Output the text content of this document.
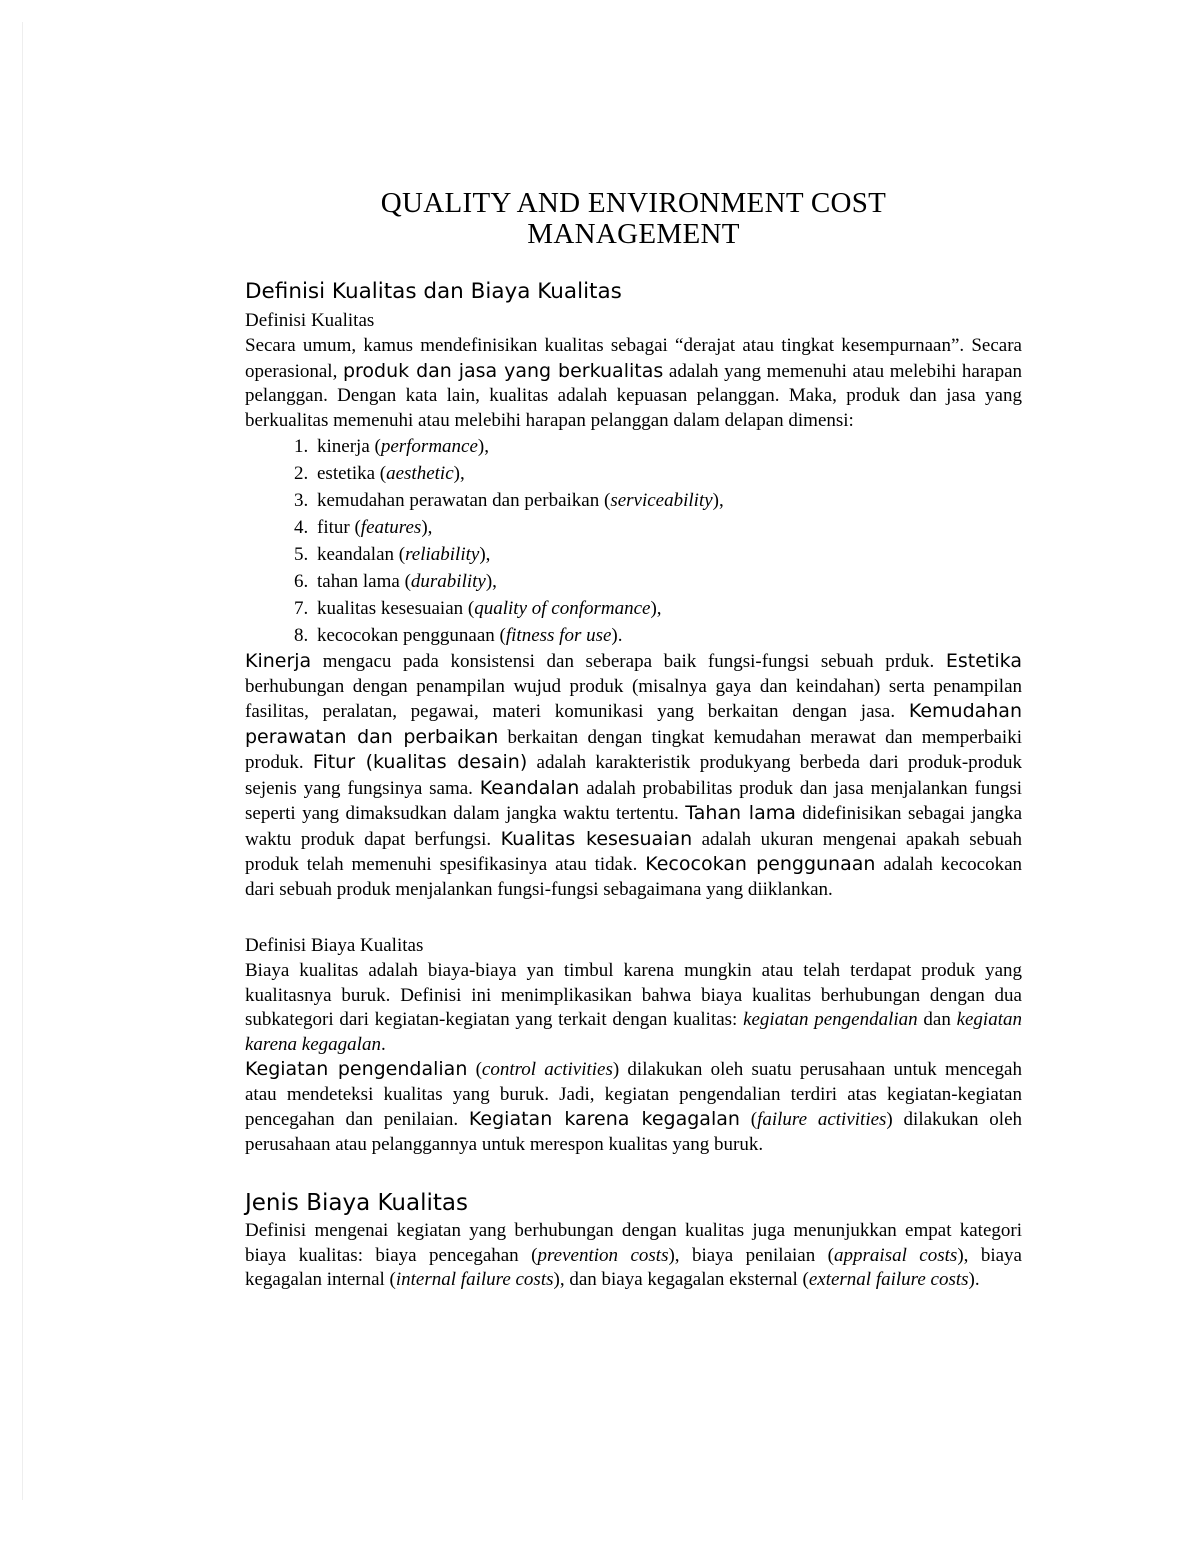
QUALITY AND ENVIRONMENT COST
MANAGEMENT
Definisi Kualitas dan Biaya Kualitas
Definisi Kualitas

Secara umum, kamus mendefinisikan kualitas sebagai “derajat atau tingkat kesempurnaan”. Secara operasional, produk dan jasa yang berkualitas adalah yang memenuhi atau melebihi harapan pelanggan. Dengan kata lain, kualitas adalah kepuasan pelanggan. Maka, produk dan jasa yang berkualitas memenuhi atau melebihi harapan pelanggan dalam delapan dimensi:

1. kinerja (performance),
2. estetika (aesthetic),
3. kemudahan perawatan dan perbaikan (serviceability),
4. fitur (features),
5. keandalan (reliability),
6. tahan lama (durability),
7. kualitas kesesuaian (quality of conformance),
8. kecocokan penggunaan (fitness for use).

Kinerja mengacu pada konsistensi dan seberapa baik fungsi-fungsi sebuah prduk. Estetika berhubungan dengan penampilan wujud produk (misalnya gaya dan keindahan) serta penampilan fasilitas, peralatan, pegawai, materi komunikasi yang berkaitan dengan jasa. Kemudahan perawatan dan perbaikan berkaitan dengan tingkat kemudahan merawat dan memperbaiki produk. Fitur (kualitas desain) adalah karakteristik produkyang berbeda dari produk-produk sejenis yang fungsinya sama. Keandalan adalah probabilitas produk dan jasa menjalankan fungsi seperti yang dimaksudkan dalam jangka waktu tertentu. Tahan lama didefinisikan sebagai jangka waktu produk dapat berfungsi. Kualitas kesesuaian adalah ukuran mengenai apakah sebuah produk telah memenuhi spesifikasinya atau tidak. Kecocokan penggunaan adalah kecocokan dari sebuah produk menjalankan fungsi-fungsi sebagaimana yang diiklankan.

Definisi Biaya Kualitas

Biaya kualitas adalah biaya-biaya yan timbul karena mungkin atau telah terdapat produk yang kualitasnya buruk. Definisi ini menimplikasikan bahwa biaya kualitas berhubungan dengan dua subkategori dari kegiatan-kegiatan yang terkait dengan kualitas: kegiatan pengendalian dan kegiatan karena kegagalan.

Kegiatan pengendalian (control activities) dilakukan oleh suatu perusahaan untuk mencegah atau mendeteksi kualitas yang buruk. Jadi, kegiatan pengendalian terdiri atas kegiatan-kegiatan pencegahan dan penilaian. Kegiatan karena kegagalan (failure activities) dilakukan oleh perusahaan atau pelanggannya untuk merespon kualitas yang buruk.

Jenis Biaya Kualitas

Definisi mengenai kegiatan yang berhubungan dengan kualitas juga menunjukkan empat kategori biaya kualitas: biaya pencegahan (prevention costs), biaya penilaian (appraisal costs), biaya kegagalan internal (internal failure costs), dan biaya kegagalan eksternal (external failure costs).
